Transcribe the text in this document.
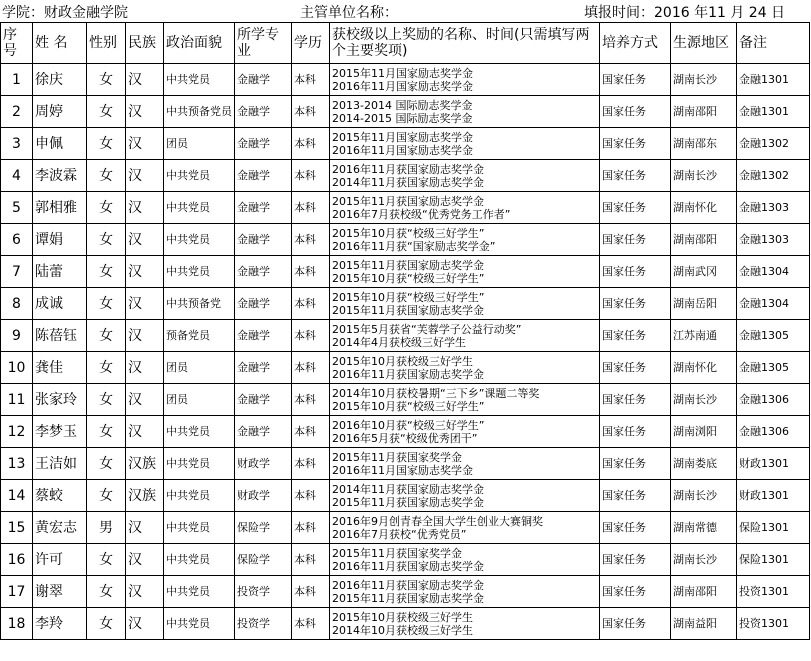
学院：财政金融学院	主管单位名称：	填报时间：2016 年11 月 24 日
序号	姓 名	性别	民族	政治面貌	所学专业	学历	获校级以上奖励的名称、时间(只需填写两个主要奖项)	培养方式	生源地区	备注
1	徐庆	女	汉	中共党员	金融学	本科	2015年11月国家励志奖学金
2016年11月国家励志奖学金	国家任务	湖南长沙	金融1301
2	周婷	女	汉	中共预备党员	金融学	本科	2013-2014 国际励志奖学金
2014-2015 国际励志奖学金	国家任务	湖南邵阳	金融1301
3	申佩	女	汉	团员	金融学	本科	2015年11月国家励志奖学金
2016年11月国家励志奖学金	国家任务	湖南邵东	金融1302
4	李波霖	女	汉	中共党员	金融学	本科	2016年11月获国家励志奖学金
2014年11月获国家励志奖学金	国家任务	湖南长沙	金融1302
5	郭相雅	女	汉	中共党员	金融学	本科	2015年11月获国家励志奖学金
2016年7月获校级“优秀党务工作者”	国家任务	湖南怀化	金融1303
6	谭娟	女	汉	中共党员	金融学	本科	2015年10月获“校级三好学生”
2016年11月获“国家励志奖学金”	国家任务	湖南邵阳	金融1303
7	陆蕾	女	汉	中共党员	金融学	本科	2015年11月获国家励志奖学金
2015年10月获“校级三好学生”	国家任务	湖南武冈	金融1304
8	成诚	女	汉	中共预备党	金融学	本科	2015年10月获“校级三好学生”
2015年11月获国家励志奖学金	国家任务	湖南岳阳	金融1304
9	陈蓓钰	女	汉	预备党员	金融学	本科	2015年5月获省“芙蓉学子公益行动奖”
2014年4月获校级三好学生	国家任务	江苏南通	金融1305
10	龚佳	女	汉	团员	金融学	本科	2015年10月获校级三好学生
2016年11月获国家励志奖学金	国家任务	湖南怀化	金融1305
11	张家玲	女	汉	团员	金融学	本科	2014年10月获校暑期“三下乡”课题二等奖
2015年10月获“校级三好学生”	国家任务	湖南长沙	金融1306
12	李梦玉	女	汉	中共党员	金融学	本科	2016年10月获“校级三好学生”
2016年5月获“校级优秀团干”	国家任务	湖南浏阳	金融1306
13	王洁如	女	汉族	中共党员	财政学	本科	2015年11月获国家奖学金
2016年11月国家励志奖学金	国家任务	湖南娄底	财政1301
14	蔡蛟	女	汉族	中共党员	财政学	本科	2014年11月获国家励志奖学金
2015年11月获国家励志奖学金	国家任务	湖南长沙	财政1301
15	黄宏志	男	汉	中共党员	保险学	本科	2016年9月创青春全国大学生创业大赛铜奖
2016年7月获校“优秀党员”	国家任务	湖南常德	保险1301
16	许可	女	汉	中共党员	保险学	本科	2015年11月获国家奖学金
2016年11月获国家励志奖学金	国家任务	湖南长沙	保险1301
17	谢翠	女	汉	中共党员	投资学	本科	2016年11月获国家励志奖学金
2015年11月获国家励志奖学金	国家任务	湖南邵阳	投资1301
18	李羚	女	汉	中共党员	投资学	本科	2015年10月获校级三好学生
2014年10月获校级三好学生	国家任务	湖南益阳	投资1301
